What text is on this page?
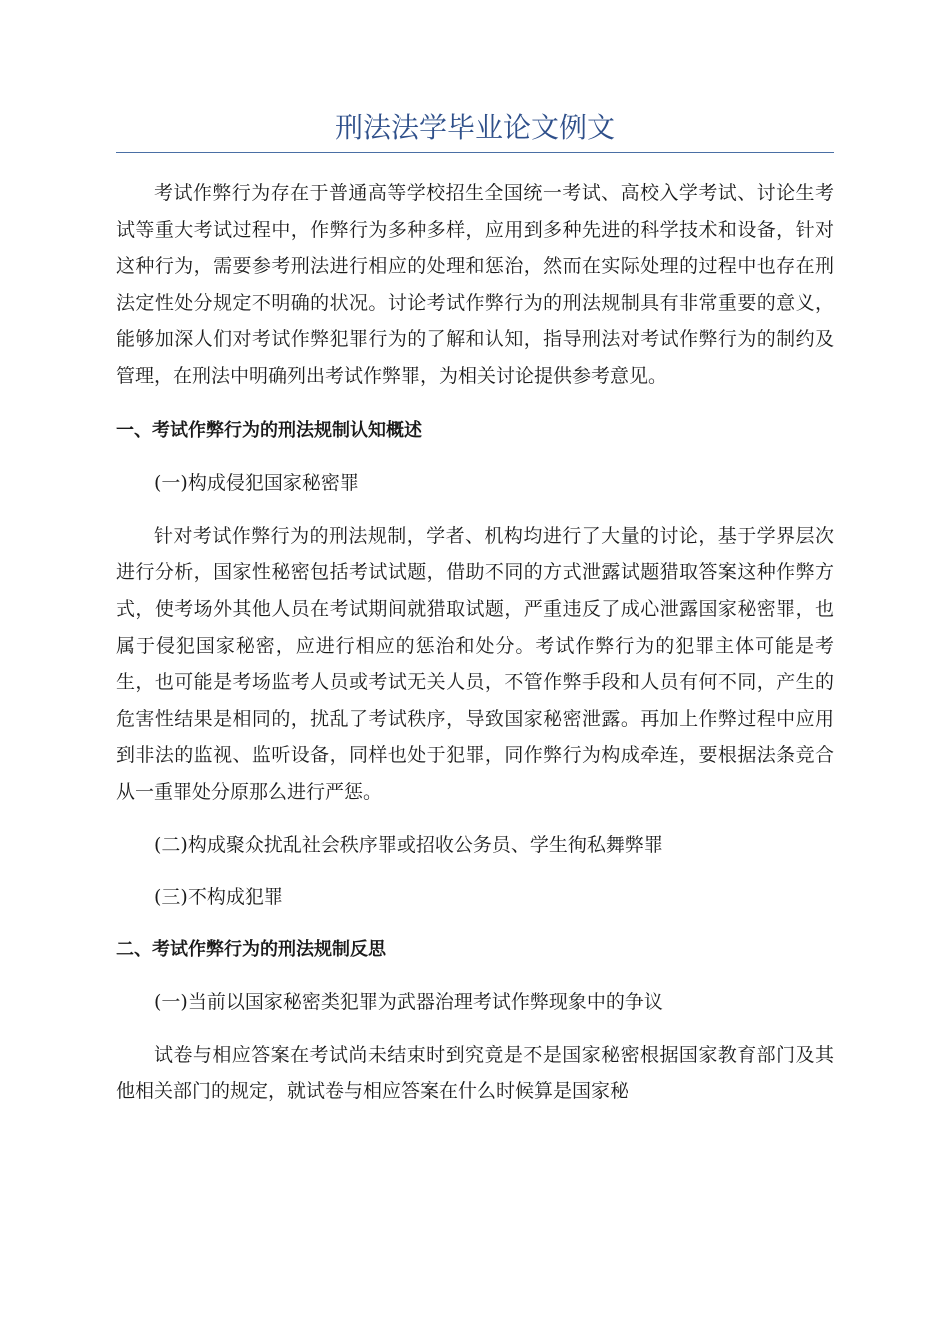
刑法法学毕业论文例文

考试作弊行为存在于普通高等学校招生全国统一考试、高校入学考试、讨论生考试等重大考试过程中，作弊行为多种多样，应用到多种先进的科学技术和设备，针对这种行为，需要参考刑法进行相应的处理和惩治，然而在实际处理的过程中也存在刑法定性处分规定不明确的状况。讨论考试作弊行为的刑法规制具有非常重要的意义，能够加深人们对考试作弊犯罪行为的了解和认知，指导刑法对考试作弊行为的制约及管理，在刑法中明确列出考试作弊罪，为相关讨论提供参考意见。

一、考试作弊行为的刑法规制认知概述

(一)构成侵犯国家秘密罪

针对考试作弊行为的刑法规制，学者、机构均进行了大量的讨论，基于学界层次进行分析，国家性秘密包括考试试题，借助不同的方式泄露试题猎取答案这种作弊方式，使考场外其他人员在考试期间就猎取试题，严重违反了成心泄露国家秘密罪，也属于侵犯国家秘密，应进行相应的惩治和处分。考试作弊行为的犯罪主体可能是考生，也可能是考场监考人员或考试无关人员，不管作弊手段和人员有何不同，产生的危害性结果是相同的，扰乱了考试秩序，导致国家秘密泄露。再加上作弊过程中应用到非法的监视、监听设备，同样也处于犯罪，同作弊行为构成牵连，要根据法条竞合从一重罪处分原那么进行严惩。

(二)构成聚众扰乱社会秩序罪或招收公务员、学生徇私舞弊罪

(三)不构成犯罪

二、考试作弊行为的刑法规制反思

(一)当前以国家秘密类犯罪为武器治理考试作弊现象中的争议

试卷与相应答案在考试尚未结束时到究竟是不是国家秘密根据国家教育部门及其他相关部门的规定，就试卷与相应答案在什么时候算是国家秘
